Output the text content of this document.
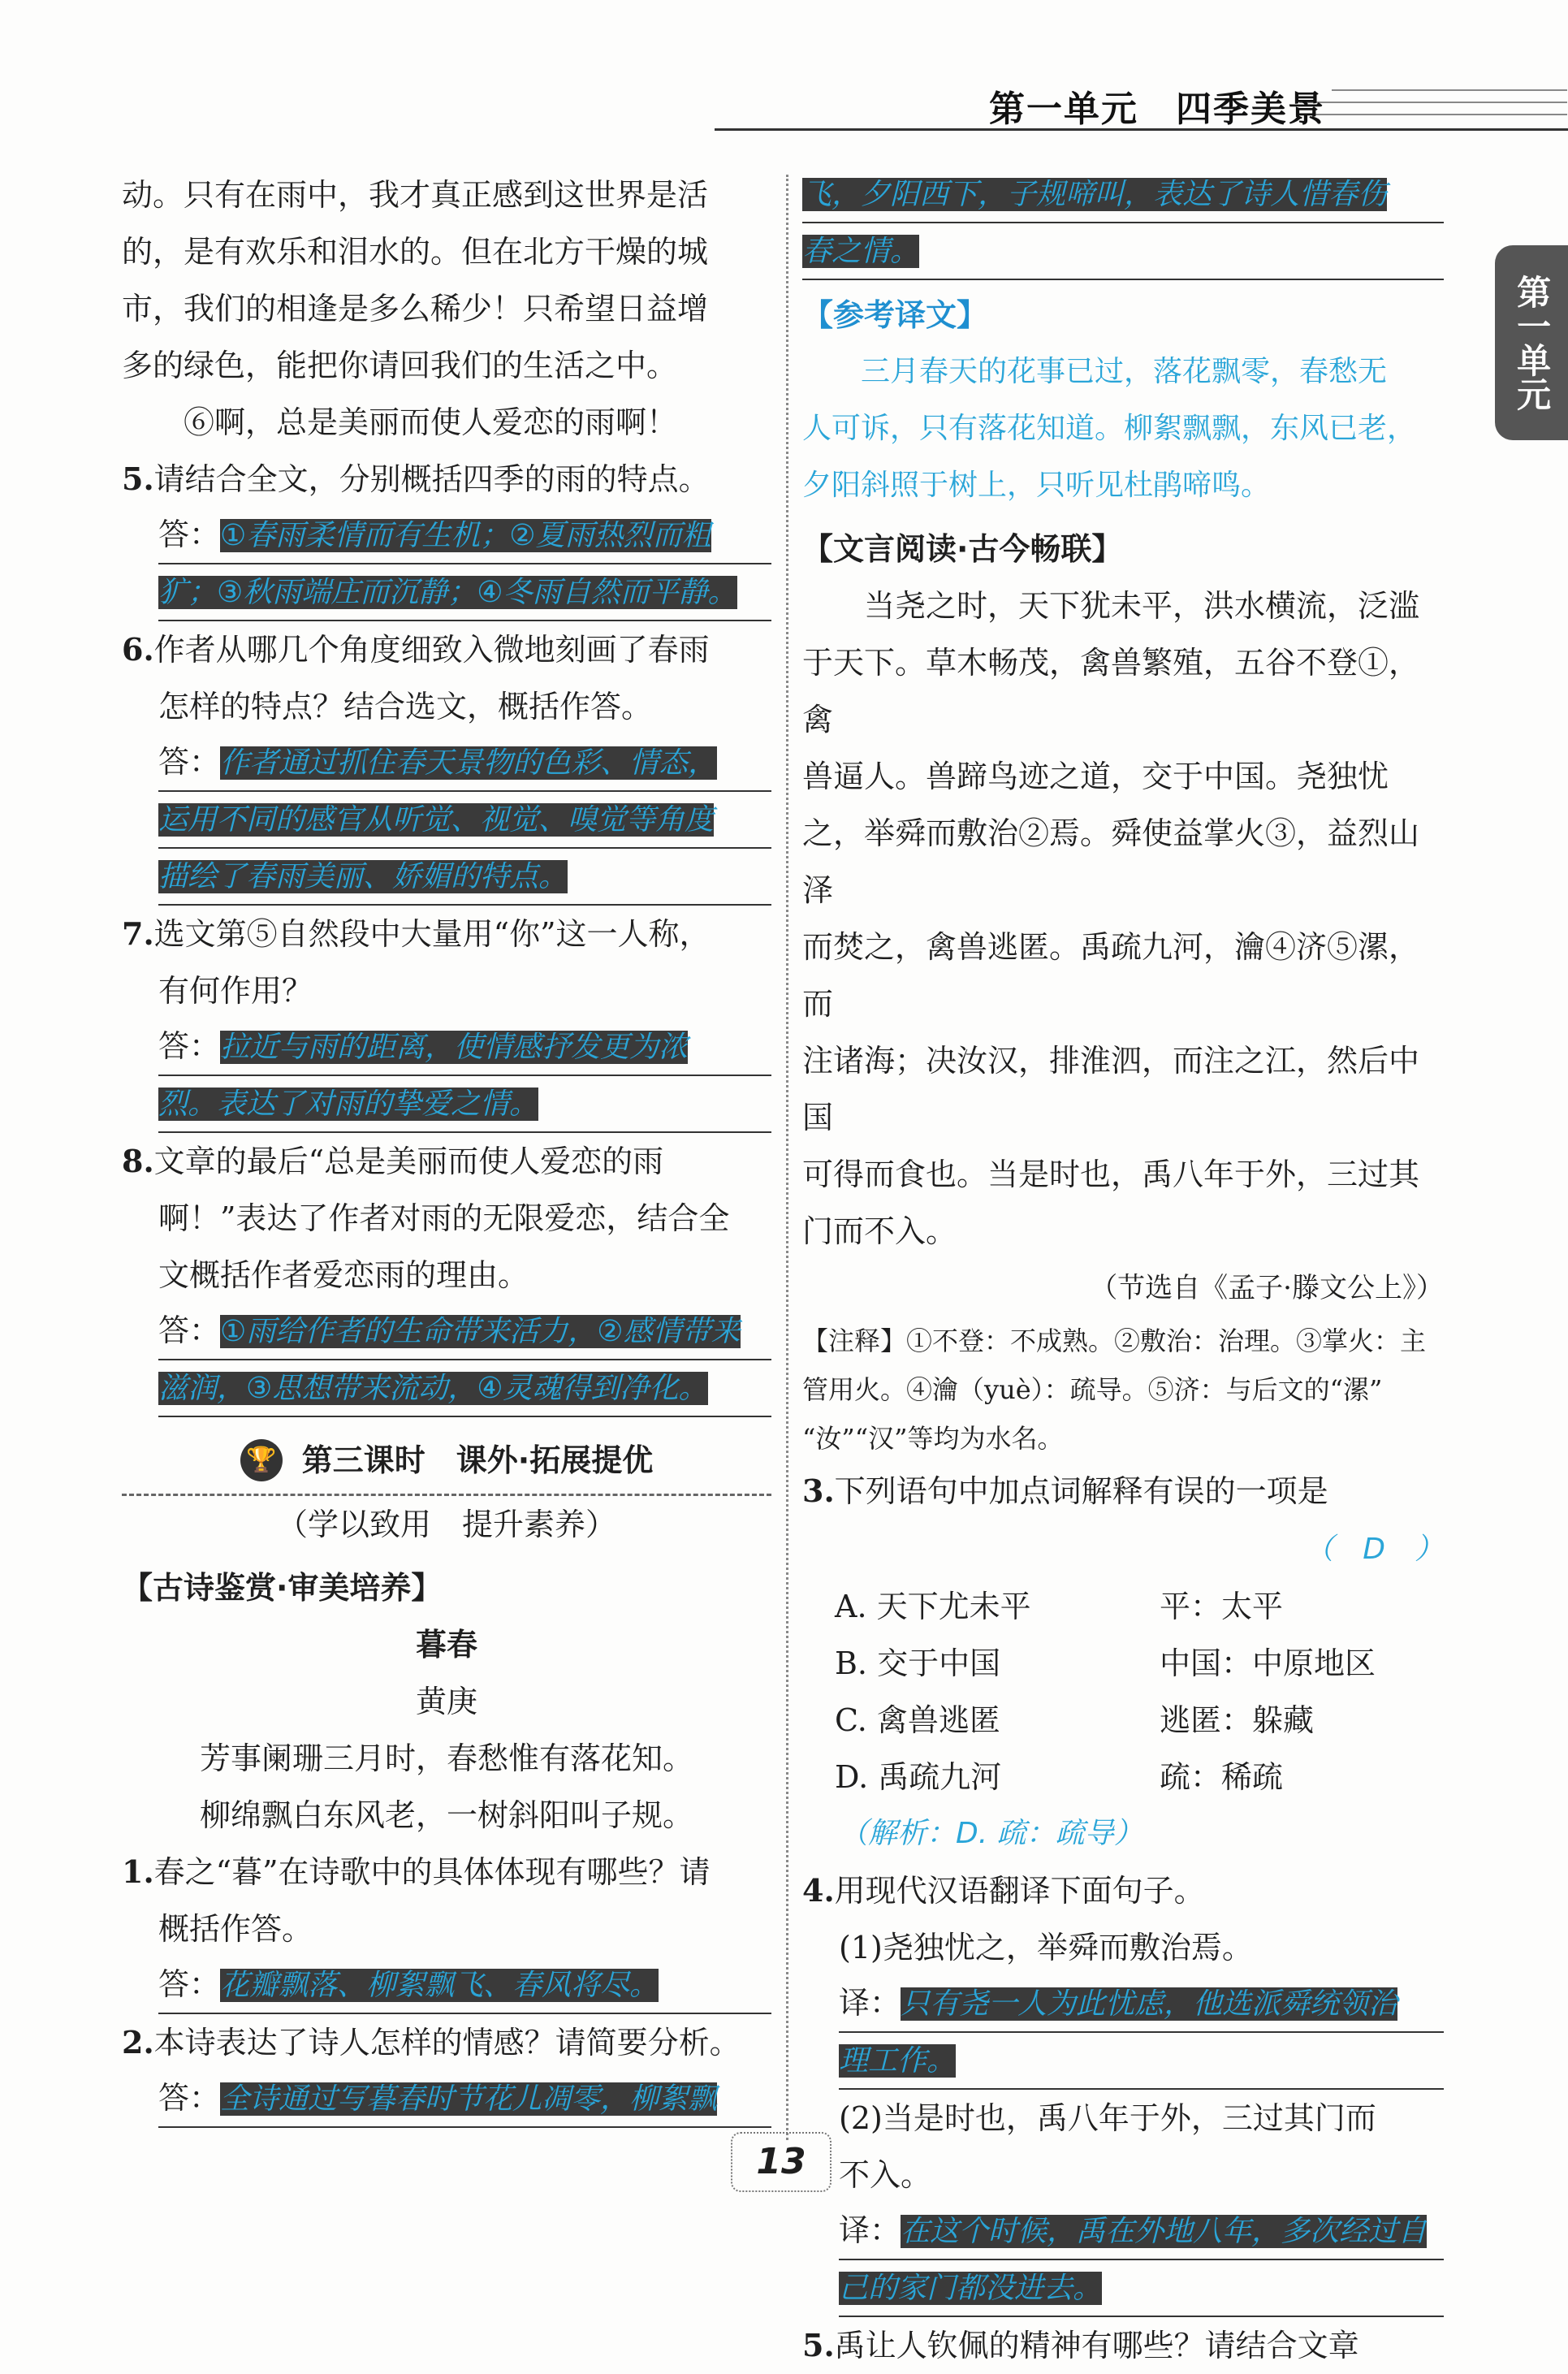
第一单元　四季美景
第一单元

动。只有在雨中，我才真正感到这世界是活

的，是有欢乐和泪水的。但在北方干燥的城

市，我们的相逢是多么稀少！只希望日益增

多的绿色，能把你请回我们的生活之中。

⑥啊，总是美丽而使人爱恋的雨啊！

5.请结合全文，分别概括四季的雨的特点。

答：①春雨柔情而有生机；②夏雨热烈而粗
犷；③秋雨端庄而沉静；④冬雨自然而平静。

6.作者从哪几个角度细致入微地刻画了春雨

怎样的特点？结合选文，概括作答。

答：作者通过抓住春天景物的色彩、情态，
运用不同的感官从听觉、视觉、嗅觉等角度
描绘了春雨美丽、娇媚的特点。

7.选文第⑤自然段中大量用“你”这一人称，

有何作用？

答：拉近与雨的距离，使情感抒发更为浓
烈。表达了对雨的挚爱之情。

8.文章的最后“总是美丽而使人爱恋的雨

啊！”表达了作者对雨的无限爱恋，结合全

文概括作者爱恋雨的理由。

答：①雨给作者的生命带来活力，②感情带来
滋润，③思想带来流动，④灵魂得到净化。
🏆 第三课时　课外·拓展提优

（学以致用　提升素养）

【古诗鉴赏·审美培养】

暮春

黄庚

芳事阑珊三月时，春愁惟有落花知。

柳绵飘白东风老，一树斜阳叫子规。

1.春之“暮”在诗歌中的具体体现有哪些？请

概括作答。

答：花瓣飘落、柳絮飘飞、春风将尽。

2.本诗表达了诗人怎样的情感？请简要分析。

答：全诗通过写暮春时节花儿凋零，柳絮飘
飞，夕阳西下，子规啼叫，表达了诗人惜春伤
春之情。

【参考译文】

三月春天的花事已过，落花飘零，春愁无

人可诉，只有落花知道。柳絮飘飘，东风已老，

夕阳斜照于树上，只听见杜鹃啼鸣。

【文言阅读·古今畅联】

当尧之时，天下犹未平，洪水横流，泛滥

于天下。草木畅茂，禽兽繁殖，五谷不登①，禽

兽逼人。兽蹄鸟迹之道，交于中国。尧独忧

之，举舜而敷治②焉。舜使益掌火③，益烈山泽

而焚之，禽兽逃匿。禹疏九河，瀹④济⑤漯，而

注诸海；决汝汉，排淮泗，而注之江，然后中国

可得而食也。当是时也，禹八年于外，三过其

门而不入。

（节选自《孟子·滕文公上》）

【注释】①不登：不成熟。②敷治：治理。③掌火：主

管用火。④瀹（yuè）：疏导。⑤济：与后文的“漯”

“汝”“汉”等均为水名。

3.下列语句中加点词解释有误的一项是

（　D　）

A. 天下尤未平	平：太平
B. 交于中国	中国：中原地区
C. 禽兽逃匿	逃匿：躲藏
D. 禹疏九河	疏：稀疏

（解析：D. 疏：疏导）

4.用现代汉语翻译下面句子。

(1)尧独忧之，举舜而敷治焉。

译：只有尧一人为此忧虑，他选派舜统领治
理工作。

(2)当是时也，禹八年于外，三过其门而

不入。

译：在这个时候，禹在外地八年，多次经过自
己的家门都没进去。

5.禹让人钦佩的精神有哪些？请结合文章

13
